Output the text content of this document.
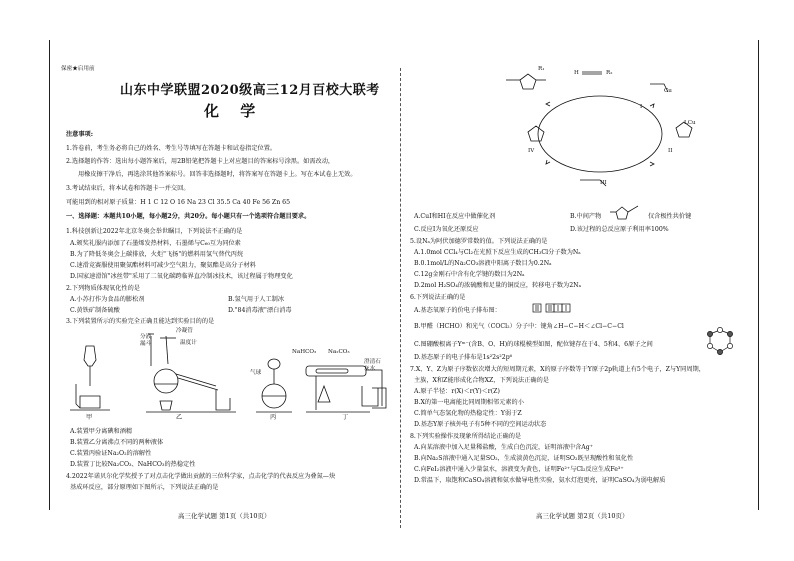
保密★启用前
山东中学联盟2020级高三12月百校大联考
化 学
注意事项:
1.答卷前，考生务必将自己的姓名、考生号等填写在答题卡和试卷指定位置。
2.选择题的作答：选出每小题答案后，用2B铅笔把答题卡上对应题目的答案标号涂黑。如需改动，
用橡皮擦干净后，再选涂其他答案标号。回答非选择题时，将答案写在答题卡上。写在本试卷上无效。
3.考试结束后，将本试卷和答题卡一并交回。
可能用到的相对原子质量：H 1 C 12 O 16 Na 23 Cl 35.5 Ca 40 Fe 56 Zn 65
一、选择题：本题共10小题，每小题2分，共20分。每小题只有一个选项符合题目要求。
1.科技创新让2022年北京冬奥会举世瞩目，下列说法不正确的是
A.颁奖礼服内添加了石墨烯发热材料，石墨烯与C₆₀互为同位素
B.为了降低冬奥会上碳排放，火炬"飞扬"的燃料用氢气替代丙烷
C.速滑竞赛服使用聚氨酯材料可减少空气阻力，聚氨酯是高分子材料
D.国家速滑馆"冰丝带"采用了二氧化碳跨临界直冷制冰技术，该过程属于物理变化
2.下列物质体现氧化性的是
A.小苏打作为食品的膨松剂	B.氢气用于人工制冰
C.黄铁矿制备硫酸	D."84消毒液"漂白消毒
3.下列装置所示的实验完全正确且能达到实验目的的是
冷凝管
分液漏斗	温度计
NaHCO₃ Na₂CO₃
澄清石灰水
气球
甲	乙	丙	丁
A.装置甲分离碘和酒精
B.装置乙分离沸点不同的两种液体
C.装置丙验证Na₂O₂的溶解性
D.装置丁比较Na₂CO₃、NaHCO₃的热稳定性
4.2022年诺贝尔化学奖授予了对点击化学做出贡献的三位科学家，点击化学的代表反应为叠氮—炔
基成环反应，部分原理如下图所示，下列说法正确的是
高三化学试题 第1页（共10页）
R₁
H	R₂
Cu
I
LCu
II
III
IV
A.CuI和HI在反应中做催化剂	B.中间产物	仅含极性共价键
C.反应I为氧化还原反应	D.该过程的总反应原子利用率100%
5.设Nₐ为阿伏加德罗常数的值。下列说法正确的是
A.1.0mol CCl₄与Cl₂在光照下反应生成的CH₃Cl分子数为Nₐ
B.0.1mol/L的Na₂CO₃溶液中阳离子数目为0.2Nₐ
C.12g金刚石中含有化学键的数目为2Nₐ
D.2mol H₂SO₄的浓硫酸和足量的铜反应，转移电子数为2Nₐ
6.下列说法正确的是
A.基态氧原子的价电子排布图：
B.甲醛（HCHO）和光气（COCl₂）分子中：键角∠H−C−H＜∠Cl−C−Cl
C.图硼酸根离子Yᵐ⁻(含B、O、H)的球棍模型如图，配位键存在于4、5和4、6原子之间
D.基态原子的电子排布是1s²2s²2p⁶
7.X、Y、Z为原子序数依次增大的短周期元素，X的原子序数等于Y原子2p轨道上有5个电子，Z与Y同周期，
主族，X和Z能形成化合物XZ，下列说法正确的是
A.原子半径：r(X)＜r(Y)＜r(Z)
B.X的第一电离能比同周期相邻元素的小
C.简单气态氢化物的热稳定性：Y弱于Z
D.基态Y原子核外电子有5种不同的空间运动状态
8.下列实验操作及现象所得结论正确的是
A.向某溶液中加入足量稀盐酸，生成白色沉淀，证明溶液中含Ag⁺
B.向Na₂S溶液中通入足量SO₂，生成淡黄色沉淀，证明SO₂既呈现酸性和氧化性
C.向FeI₂溶液中通入少量氯水，溶液变为黄色，证明Fe²⁺与Cl₂反应生成Fe³⁺
D.常温下，取饱和CaSO₄溶液和氨水做导电性实验，氨水灯泡更亮，证明CaSO₄为弱电解质
高三化学试题 第2页（共10页）
